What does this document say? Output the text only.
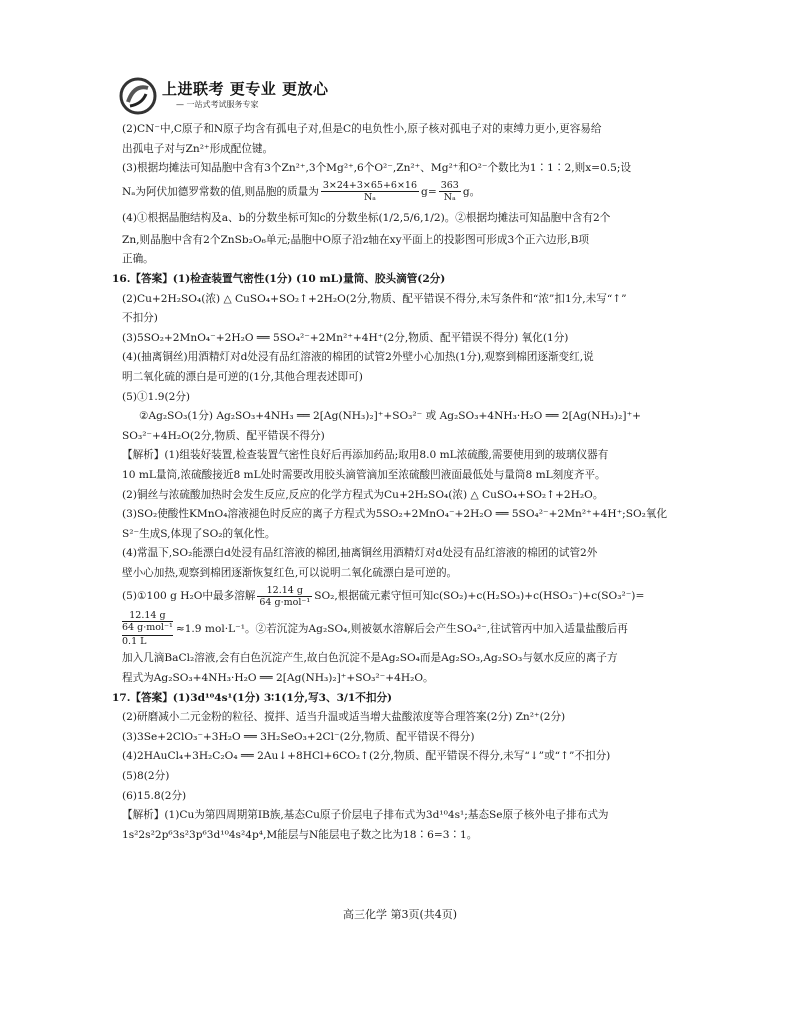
上进联考 更专业 更放心
— 一站式考试服务专家
(2)CN⁻中,C原子和N原子均含有孤电子对,但是C的电负性小,原子核对孤电子对的束缚力更小,更容易给
出孤电子对与Zn²⁺形成配位键。
(3)根据均摊法可知晶胞中含有3个Zn²⁺,3个Mg²⁺,6个O²⁻,Zn²⁺、Mg²⁺和O²⁻个数比为1∶1∶2,则x=0.5;设
Nₐ为阿伏加德罗常数的值,则晶胞的质量为 $\frac{3\times 24+3\times 65+6\times 16}{\text{Nₐ}} g= \frac{363}{\text{Nₐ}}$ g。
(4)①根据晶胞结构及a、b的分数坐标可知c的分数坐标(1/2,5/6,1/2)。②根据均摊法可知晶胞中含有2个
Zn,则晶胞中含有2个ZnSb₂O₆单元;晶胞中O原子沿z轴在xy平面上的投影图可形成3个正六边形,B项
正确。
16.【答案】(1)检查装置气密性(1分) (10 mL)量筒、胶头滴管(2分)
(2)Cu+2H₂SO₄(浓) △ CuSO₄+SO₂↑+2H₂O(2分,物质、配平错误不得分,未写条件和“浓”扣1分,未写“↑”
不扣分)
(3)5SO₂+2MnO₄⁻+2H₂O ══ 5SO₄²⁻+2Mn²⁺+4H⁺(2分,物质、配平错误不得分) 氧化(1分)
(4)(抽离铜丝)用酒精灯对d处浸有品红溶液的棉团的试管2外壁小心加热(1分),观察到棉团逐渐变红,说
明二氧化硫的漂白是可逆的(1分,其他合理表述即可)
(5)①1.9(2分)
②Ag₂SO₃(1分) Ag₂SO₃+4NH₃ ══ 2[Ag(NH₃)₂]⁺+SO₃²⁻ 或 Ag₂SO₃+4NH₃·H₂O ══ 2[Ag(NH₃)₂]⁺+
SO₃²⁻+4H₂O(2分,物质、配平错误不得分)
【解析】(1)组装好装置,检查装置气密性良好后再添加药品;取用8.0 mL浓硫酸,需要使用到的玻璃仪器有
10 mL量筒,浓硫酸接近8 mL处时需要改用胶头滴管滴加至浓硫酸凹液面最低处与量筒8 mL刻度齐平。
(2)铜丝与浓硫酸加热时会发生反应,反应的化学方程式为Cu+2H₂SO₄(浓) △ CuSO₄+SO₂↑+2H₂O。
(3)SO₂使酸性KMnO₄溶液褪色时反应的离子方程式为5SO₂+2MnO₄⁻+2H₂O ══ 5SO₄²⁻+2Mn²⁺+4H⁺;SO₂氧化
S²⁻生成S,体现了SO₂的氧化性。
(4)常温下,SO₂能漂白d处浸有品红溶液的棉团,抽离铜丝用酒精灯对d处浸有品红溶液的棉团的试管2外
壁小心加热,观察到棉团逐渐恢复红色,可以说明二氧化硫漂白是可逆的。
(5)①100 g H₂O中最多溶解 $\frac{12.14 g}{\text{64 g·mol⁻¹}} SO_2$,根据硫元素守恒可知c(SO₂)+c(H₂SO₃)+c(HSO₃⁻)+c(SO₃²⁻)=
12.14 g
64 g·mol⁻¹
0.1 L
≈1.9 mol·L⁻¹。②若沉淀为Ag₂SO₄,则被氨水溶解后会产生SO₄²⁻,往试管丙中加入适量盐酸后再
加入几滴BaCl₂溶液,会有白色沉淀产生,故白色沉淀不是Ag₂SO₄而是Ag₂SO₃,Ag₂SO₃与氨水反应的离子方
程式为Ag₂SO₃+4NH₃·H₂O ══ 2[Ag(NH₃)₂]⁺+SO₃²⁻+4H₂O。
17.【答案】(1)3d¹⁰4s¹(1分) 3∶1(1分,写3、3/1不扣分)
(2)研磨减小二元金粉的粒径、搅拌、适当升温或适当增大盐酸浓度等合理答案(2分) Zn²⁺(2分)
(3)3Se+2ClO₃⁻+3H₂O ══ 3H₂SeO₃+2Cl⁻(2分,物质、配平错误不得分)
(4)2HAuCl₄+3H₂C₂O₄ ══ 2Au↓+8HCl+6CO₂↑(2分,物质、配平错误不得分,未写“↓”或“↑”不扣分)
(5)8(2分)
(6)15.8(2分)
【解析】(1)Cu为第四周期第ⅠB族,基态Cu原子价层电子排布式为3d¹⁰4s¹;基态Se原子核外电子排布式为
1s²2s²2p⁶3s²3p⁶3d¹⁰4s²4p⁴,M能层与N能层电子数之比为18∶6=3∶1。
高三化学 第3页(共4页)
